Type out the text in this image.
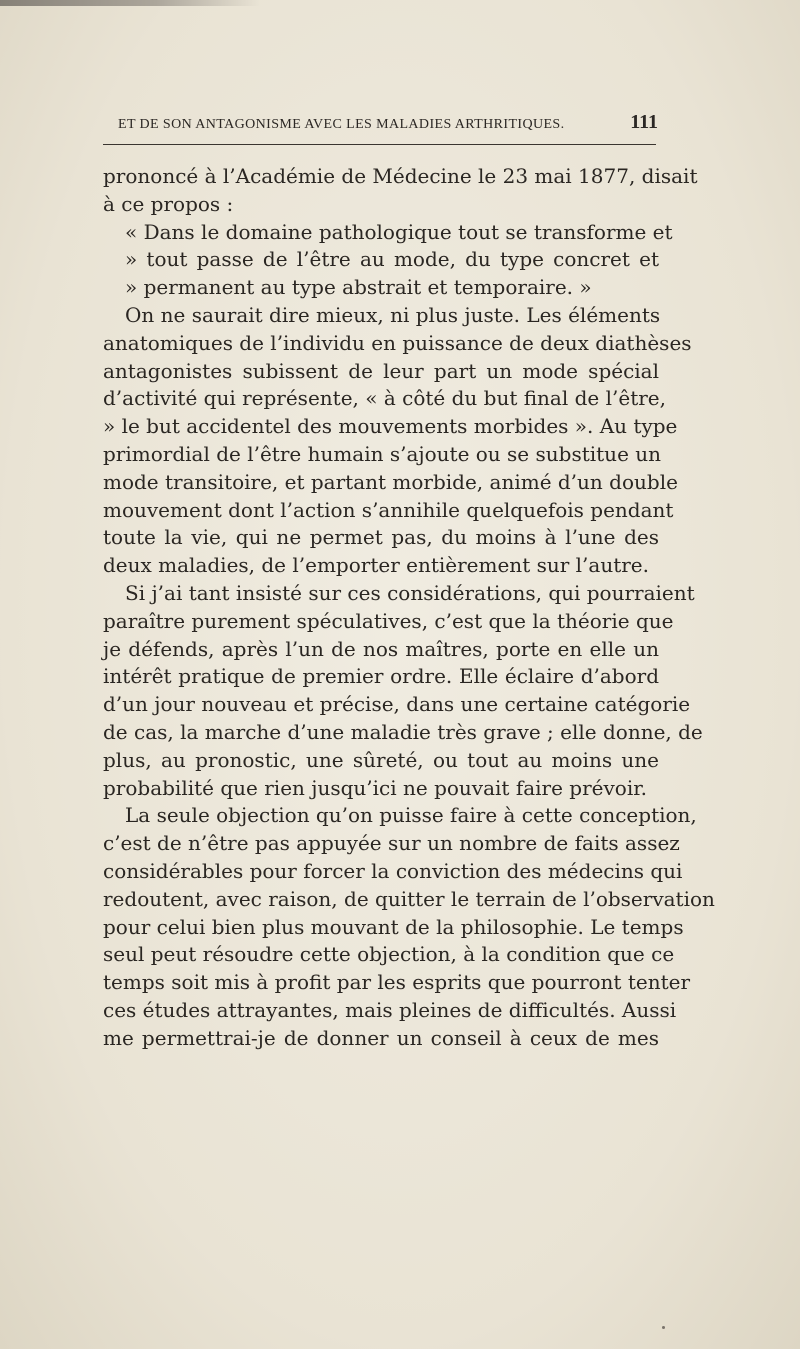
ET DE SON ANTAGONISME AVEC LES MALADIES ARTHRITIQUES.	111
prononcé à l’Académie de Médecine le 23 mai 1877, disait
à ce propos :
« Dans le domaine pathologique tout se transforme et
» tout passe de l’être au mode, du type concret et
» permanent au type abstrait et temporaire. »
On ne saurait dire mieux, ni plus juste. Les éléments
anatomiques de l’individu en puissance de deux diathèses
antagonistes subissent de leur part un mode spécial
d’activité qui représente, « à côté du but final de l’être,
» le but accidentel des mouvements morbides ». Au type
primordial de l’être humain s’ajoute ou se substitue un
mode transitoire, et partant morbide, animé d’un double
mouvement dont l’action s’annihile quelquefois pendant
toute la vie, qui ne permet pas, du moins à l’une des
deux maladies, de l’emporter entièrement sur l’autre.
Si j’ai tant insisté sur ces considérations, qui pourraient
paraître purement spéculatives, c’est que la théorie que
je défends, après l’un de nos maîtres, porte en elle un
intérêt pratique de premier ordre. Elle éclaire d’abord
d’un jour nouveau et précise, dans une certaine catégorie
de cas, la marche d’une maladie très grave ; elle donne, de
plus, au pronostic, une sûreté, ou tout au moins une
probabilité que rien jusqu’ici ne pouvait faire prévoir.
La seule objection qu’on puisse faire à cette conception,
c’est de n’être pas appuyée sur un nombre de faits assez
considérables pour forcer la conviction des médecins qui
redoutent, avec raison, de quitter le terrain de l’observation
pour celui bien plus mouvant de la philosophie. Le temps
seul peut résoudre cette objection, à la condition que ce
temps soit mis à profit par les esprits que pourront tenter
ces études attrayantes, mais pleines de difficultés. Aussi
me permettrai-je de donner un conseil à ceux de mes
